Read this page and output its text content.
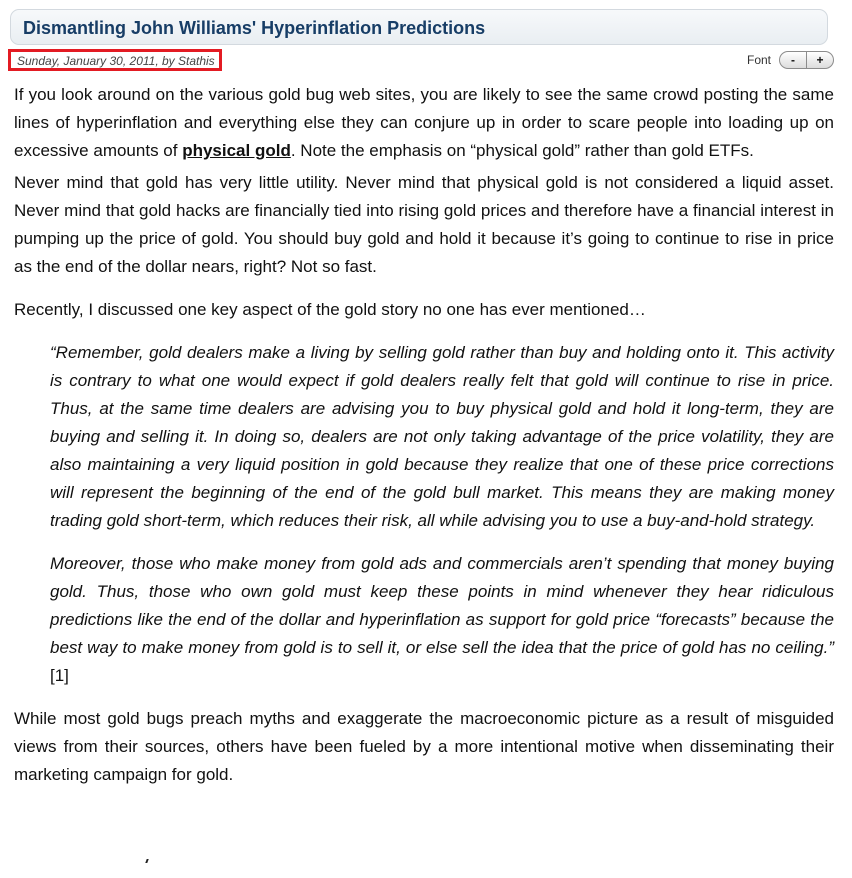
Dismantling John Williams' Hyperinflation Predictions
Sunday, January 30, 2011, by Stathis	Font	-	+

If you look around on the various gold bug web sites, you are likely to see the same crowd posting the same lines of hyperinflation and everything else they can conjure up in order to scare people into loading up on excessive amounts of physical gold. Note the emphasis on “physical gold” rather than gold ETFs.

Never mind that gold has very little utility. Never mind that physical gold is not considered a liquid asset. Never mind that gold hacks are financially tied into rising gold prices and therefore have a financial interest in pumping up the price of gold. You should buy gold and hold it because it’s going to continue to rise in price as the end of the dollar nears, right? Not so fast.

Recently, I discussed one key aspect of the gold story no one has ever mentioned…

“Remember, gold dealers make a living by selling gold rather than buy and holding onto it. This activity is contrary to what one would expect if gold dealers really felt that gold will continue to rise in price. Thus, at the same time dealers are advising you to buy physical gold and hold it long-term, they are buying and selling it. In doing so, dealers are not only taking advantage of the price volatility, they are also maintaining a very liquid position in gold because they realize that one of these price corrections will represent the beginning of the end of the gold bull market. This means they are making money trading gold short-term, which reduces their risk, all while advising you to use a buy-and-hold strategy.

Moreover, those who make money from gold ads and commercials aren’t spending that money buying gold. Thus, those who own gold must keep these points in mind whenever they hear ridiculous predictions like the end of the dollar and hyperinflation as support for gold price “forecasts” because the best way to make money from gold is to sell it, or else sell the idea that the price of gold has no ceiling.” [1]

While most gold bugs preach myths and exaggerate the macroeconomic picture as a result of misguided views from their sources, others have been fueled by a more intentional motive when disseminating their marketing campaign for gold.
